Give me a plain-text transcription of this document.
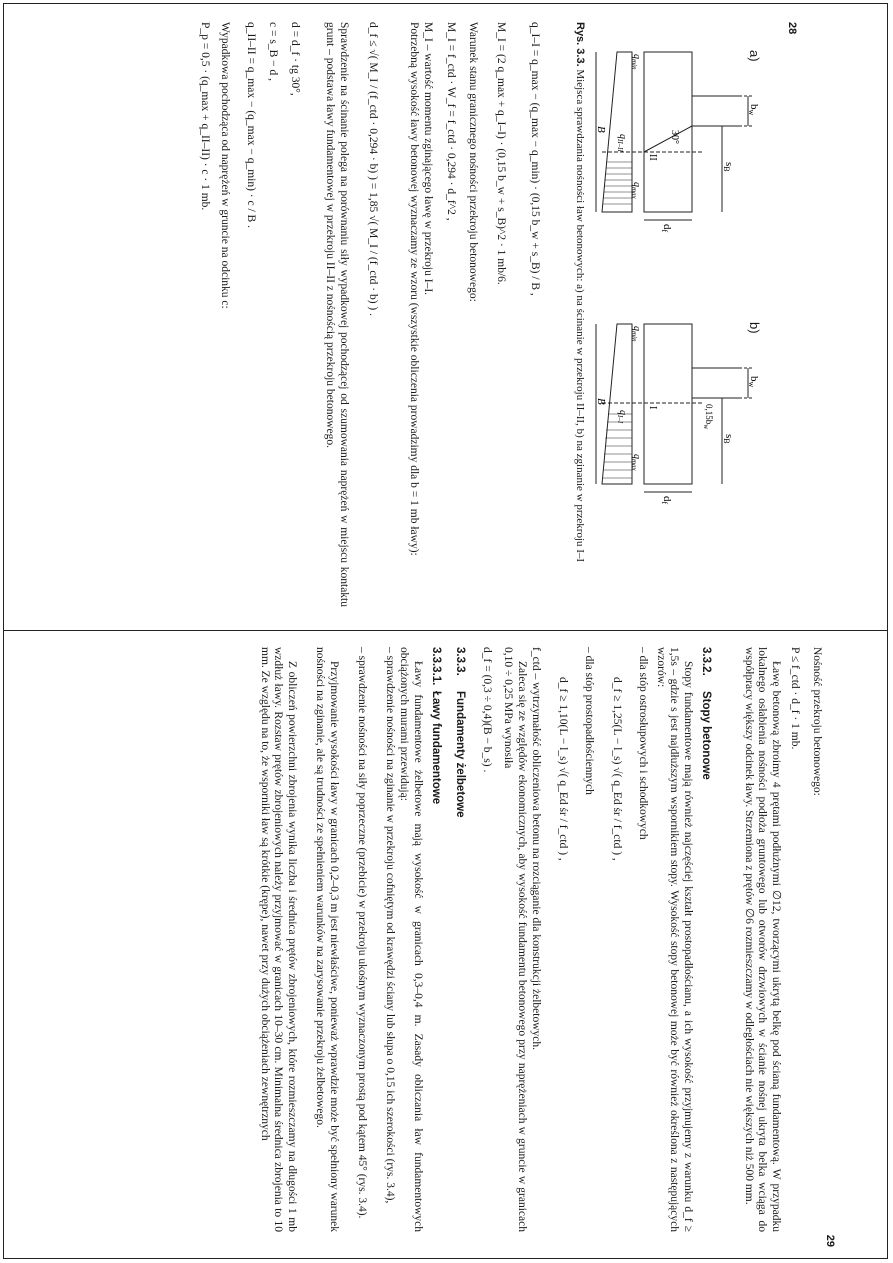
28
a)
b)
bw
sB
df
B
30°
$q_{min}$
$q_{max}$
$q_{II-II}$
II
bw
sB
df
B
$0,15b_w$
$q_{min}$
$q_{max}$
$q_{I-I}$
I
Rys. 3.3. Miejsca sprawdzania nośności ław betonowych: a) na ścinanie w przekroju II–II, b) na zginanie w przekroju I–I
q_I–I = q_max − (q_max − q_min) · (0,15 b_w + s_B) / B ,
M_I = (2 q_max + q_I–I) · (0,15 b_w + s_B)^2 · 1 mb/6.
Warunek stanu granicznego nośności przekroju betonowego:
M_I = f_ctd · W_f = f_ctd · 0,294 · d_f^2 ,
M_I – wartość momentu zginającego ławę w przekroju I–I.
Potrzebną wysokość ławy betonowej wyznaczamy ze wzoru (wszystkie obliczenia prowadzimy dla b = 1 mb ławy):
d_f ≤ √( M_I / (f_ctd · 0,294 · b) ) = 1,85 √( M_I / (f_ctd · b) ) .
Sprawdzenie na ścinanie polega na porównaniu siły wypadkowej pochodzącej od szumowania naprężeń w miejscu kontaktu grunt – podstawa ławy fundamentowej w przekroju II–II z nośnością przekroju betonowego.
d = d_f · tg 30°,
c = s_B − d ,
q_II–II = q_max − (q_max − q_min) · c / B .
Wypadkowa pochodząca od naprężeń w gruncie na odcinku c:
P_p = 0,5 · (q_max + q_II–II) · c · 1 mb.
29
Nośność przekroju betonowego:
P ≤ f_ctd · d_f · 1 mb.
Ławę betonową zbroimy 4 prętami podłużnymi ∅12, tworzącymi ukrytą belkę pod ścianą fundamentową. W przypadku lokalnego osłabienia nośności podłoża gruntowego lub otworów drzwiowych w ścianie nośnej ukryta belka wciąga do współpracy większy odcinek ławy. Strzemiona z prętów ∅6 rozmieszczamy w odległościach nie większych niż 500 mm.
3.3.2.Stopy betonowe
Stopy fundamentowe mają również najczęściej kształt prostopadłościanu, a ich wysokość przyjmujemy z warunku d_f ≥ 1,5s – gdzie s jest najdłuższym wspornikiem stopy. Wysokość stopy betonowej może być również określona z następujących wzorów:
– dla stóp ostrosłupowych i schodkowych
d_f ≥ 1,25(L − l_s) √( q_Ed śr / f_ctd ) ,
– dla stóp prostopadłościennych
d_f ≥ 1,10(L − l_s) √( q_Ed śr / f_ctd ) ,
f_ctd – wytrzymałość obliczeniowa betonu na rozciąganie dla konstrukcji żelbetowych.
Zaleca się ze względów ekonomicznych, aby wysokość fundamentu betonowego przy naprężeniach w gruncie w granicach 0,10 ÷ 0,25 MPa wynosiła
d_f = (0,3 ÷ 0,4)(B − b_s) .
3.3.3.Fundamenty żelbetowe
3.3.3.1.Ławy fundamentowe
Ławy fundamentowe żelbetowe mają wysokość w granicach 0,3–0,4 m. Zasady obliczania ław fundamentowych obciążonych murami przewidują:
– sprawdzenie nośności na zginanie w przekroju cofniętym od krawędzi ściany lub słupa o 0,15 ich szerokości (rys. 3.4),
– sprawdzenie nośności na siły poprzeczne (przebicie) w przekroju ukośnym wyznaczonym prostą pod kątem 45° (rys. 3.4).
Przyjmowanie wysokości ławy w granicach 0,2–0,3 m jest niewłaściwe, ponieważ wprawdzie może być spełniony warunek nośności na zginanie, ale są trudności ze spełnieniem warunków na zarysowanie przekroju żelbetowego.
Z obliczeń powierzchni zbrojenia wynika liczba i średnica prętów zbrojeniowych, które rozmieszczamy na długości 1 mb wzdłuż ławy. Rozstaw prętów zbrojeniowych należy przyjmować w granicach 10–30 cm. Minimalna średnica zbrojenia to 10 mm. Ze względu na to, że wsporniki ław są krótkie (krępe), nawet przy dużych obciążeniach zewnętrznych
